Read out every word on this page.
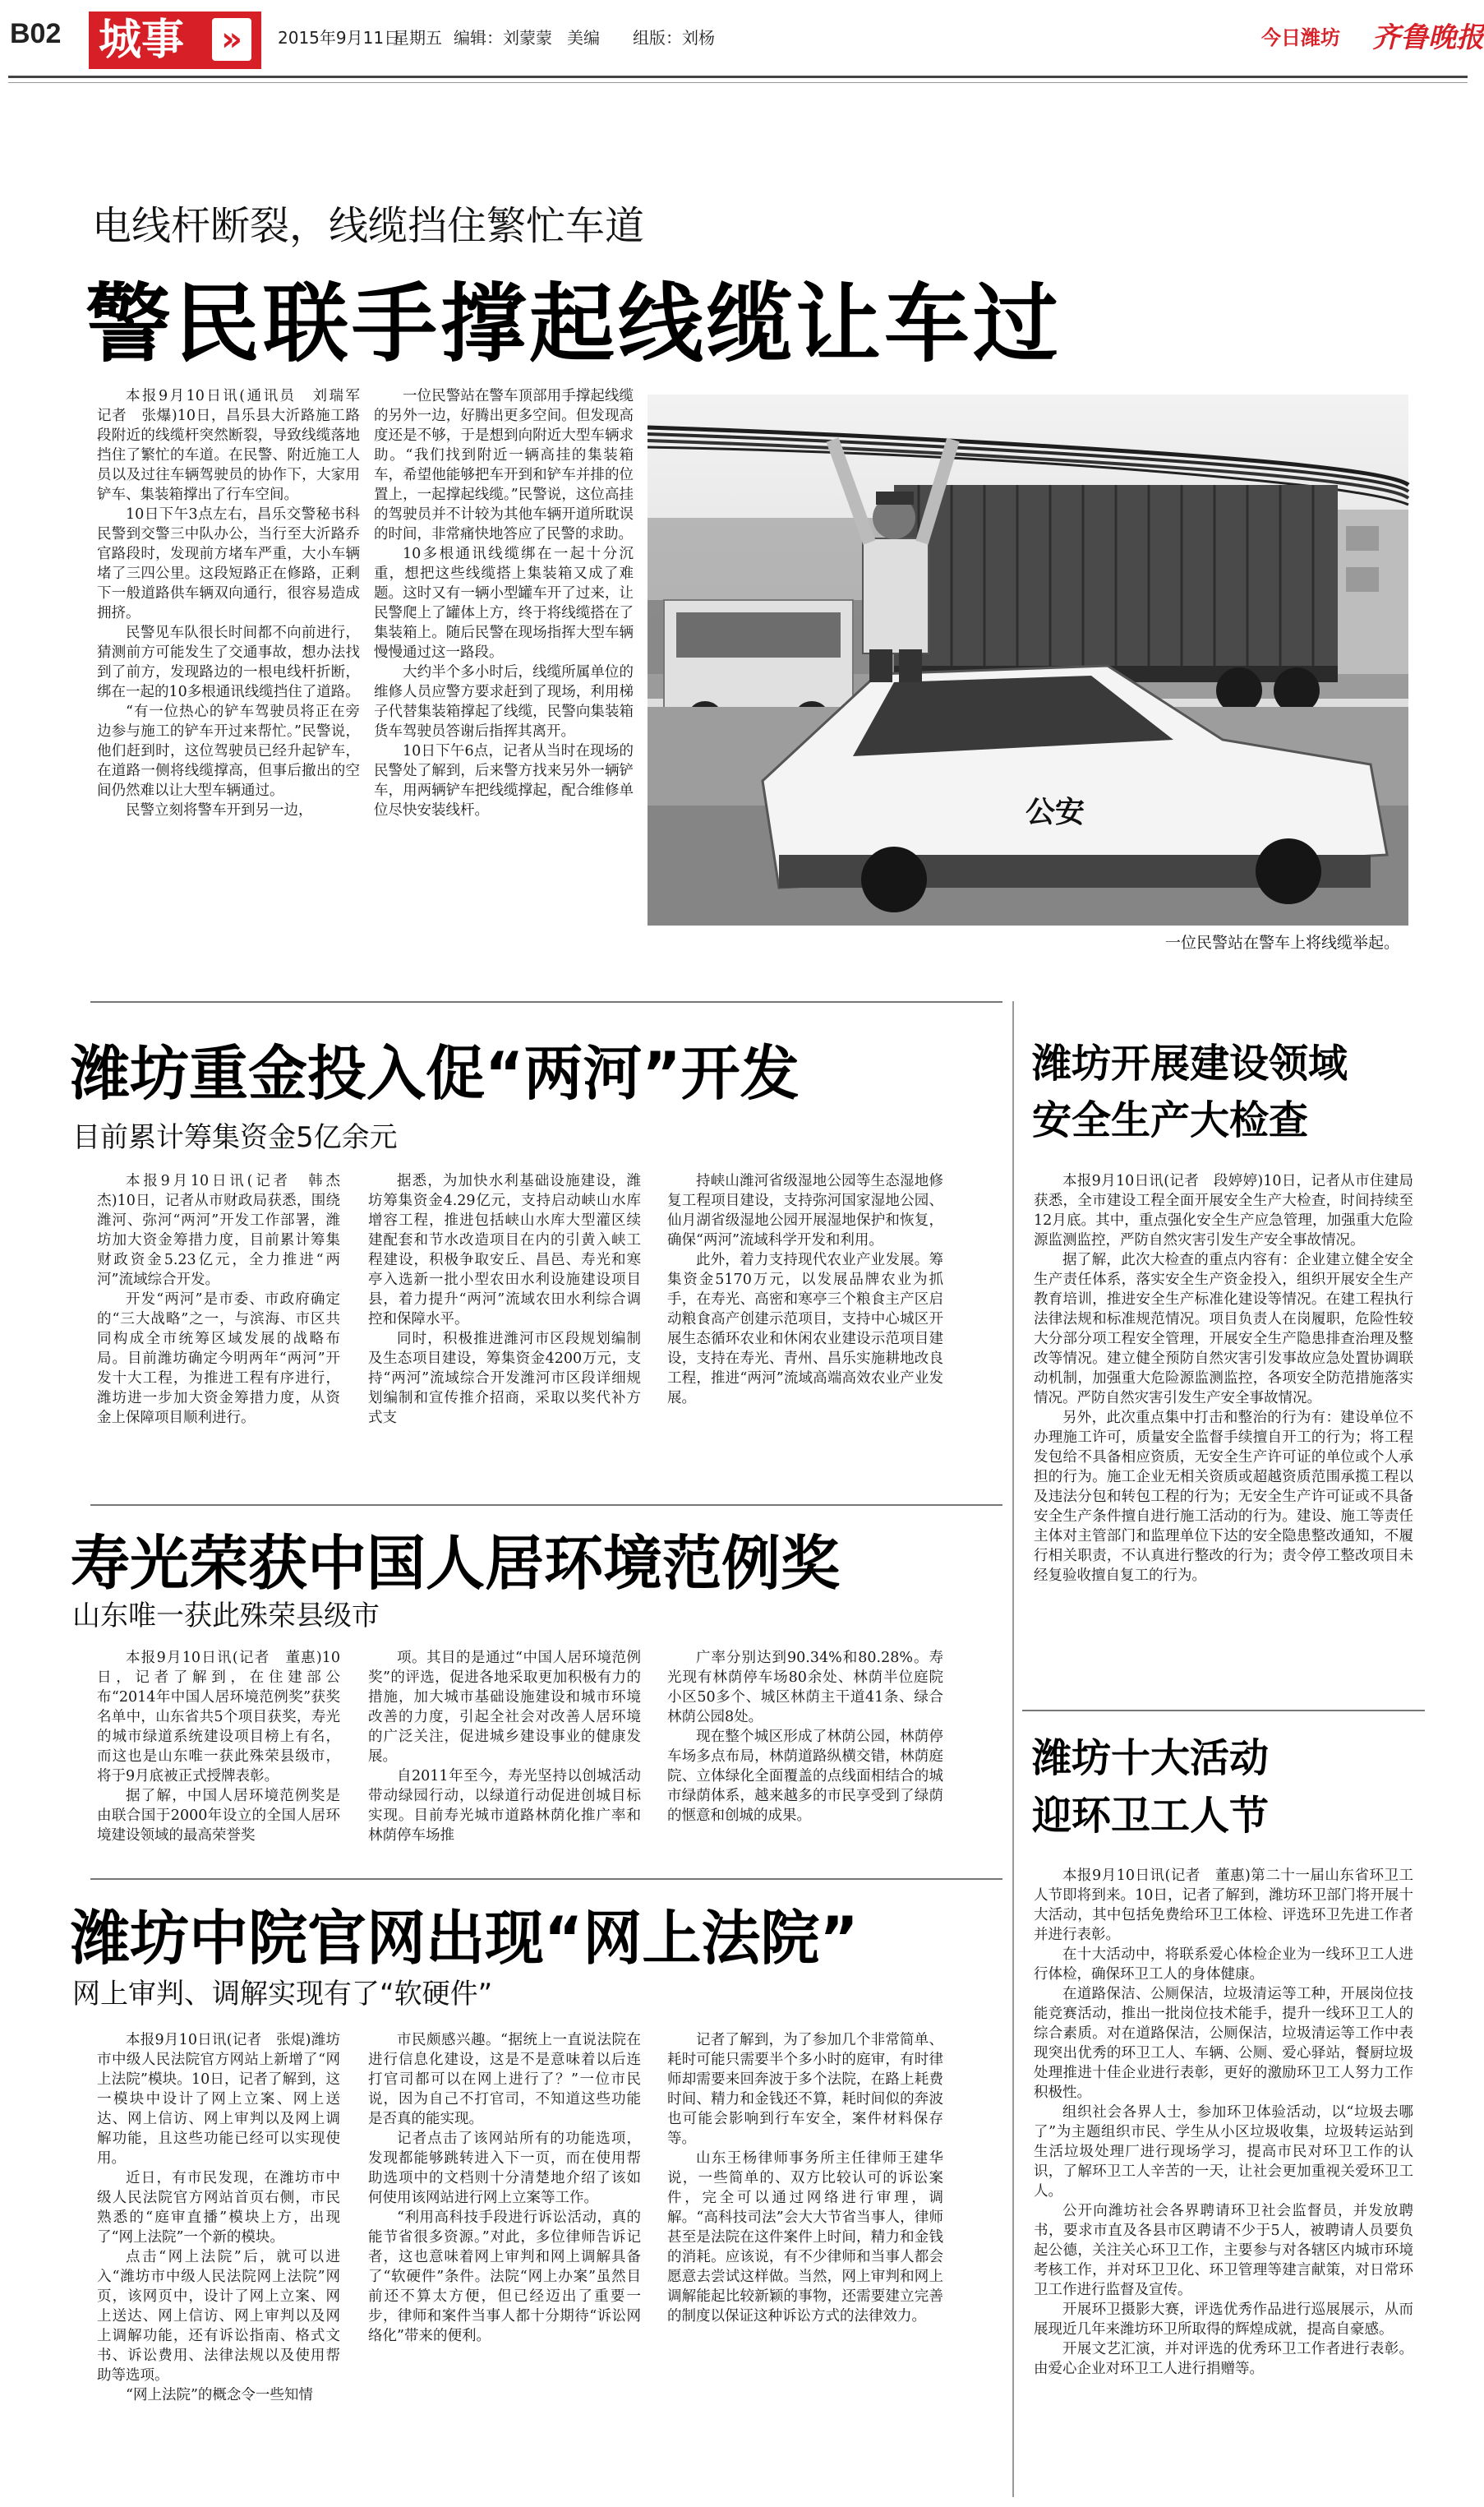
B02 城事	»	2015年9月11日
星期五 编辑：刘蒙蒙 美编 组版：刘杨	今日潍坊 齐鲁晚报
电线杆断裂，线缆挡住繁忙车道
警民联手撑起线缆让车过

本报9月10日讯(通讯员　刘瑞军　记者　张爆)10日，昌乐县大沂路施工路段附近的线缆杆突然断裂，导致线缆落地挡住了繁忙的车道。在民警、附近施工人员以及过往车辆驾驶员的协作下，大家用铲车、集装箱撑出了行车空间。

10日下午3点左右，昌乐交警秘书科民警到交警三中队办公，当行至大沂路乔官路段时，发现前方堵车严重，大小车辆堵了三四公里。这段短路正在修路，正剩下一般道路供车辆双向通行，很容易造成拥挤。

民警见车队很长时间都不向前进行，猜测前方可能发生了交通事故，想办法找到了前方，发现路边的一根电线杆折断，绑在一起的10多根通讯线缆挡住了道路。

“有一位热心的铲车驾驶员将正在旁边参与施工的铲车开过来帮忙。”民警说，他们赶到时，这位驾驶员已经升起铲车，在道路一侧将线缆撑高，但事后撤出的空间仍然难以让大型车辆通过。

民警立刻将警车开到另一边，

一位民警站在警车顶部用手撑起线缆的另外一边，好腾出更多空间。但发现高度还是不够，于是想到向附近大型车辆求助。“我们找到附近一辆高挂的集装箱车，希望他能够把车开到和铲车并排的位置上，一起撑起线缆。”民警说，这位高挂的驾驶员并不计较为其他车辆开道所耽误的时间，非常痛快地答应了民警的求助。

10多根通讯线缆绑在一起十分沉重，想把这些线缆搭上集装箱又成了难题。这时又有一辆小型罐车开了过来，让民警爬上了罐体上方，终于将线缆搭在了集装箱上。随后民警在现场指挥大型车辆慢慢通过这一路段。

大约半个多小时后，线缆所属单位的维修人员应警方要求赶到了现场，利用梯子代替集装箱撑起了线缆，民警向集装箱货车驾驶员答谢后指挥其离开。

10日下午6点，记者从当时在现场的民警处了解到，后来警方找来另外一辆铲车，用两辆铲车把线缆撑起，配合维修单位尽快安装线杆。	公安
一位民警站在警车上将线缆举起。
潍坊重金投入促“两河”开发
目前累计筹集资金5亿余元

本报9月10日讯(记者　韩杰杰)10日，记者从市财政局获悉，围绕潍河、弥河“两河”开发工作部署，潍坊加大资金筹措力度，目前累计筹集财政资金5.23亿元，全力推进“两河”流域综合开发。

开发“两河”是市委、市政府确定的“三大战略”之一，与滨海、市区共同构成全市统筹区域发展的战略布局。目前潍坊确定今明两年“两河”开发十大工程，为推进工程有序进行，潍坊进一步加大资金筹措力度，从资金上保障项目顺利进行。

据悉，为加快水利基础设施建设，潍坊筹集资金4.29亿元，支持启动峡山水库增容工程，推进包括峡山水库大型灌区续建配套和节水改造项目在内的引黄入峡工程建设，积极争取安丘、昌邑、寿光和寒亭入选新一批小型农田水利设施建设项目县，着力提升“两河”流域农田水利综合调控和保障水平。

同时，积极推进潍河市区段规划编制及生态项目建设，筹集资金4200万元，支持“两河”流域综合开发潍河市区段详细规划编制和宣传推介招商，采取以奖代补方式支

持峡山潍河省级湿地公园等生态湿地修复工程项目建设，支持弥河国家湿地公园、仙月湖省级湿地公园开展湿地保护和恢复，确保“两河”流域科学开发和利用。

此外，着力支持现代农业产业发展。筹集资金5170万元，以发展品牌农业为抓手，在寿光、高密和寒亭三个粮食主产区启动粮食高产创建示范项目，支持中心城区开展生态循环农业和休闲农业建设示范项目建设，支持在寿光、青州、昌乐实施耕地改良工程，推进“两河”流域高端高效农业产业发展。

寿光荣获中国人居环境范例奖
山东唯一获此殊荣县级市

本报9月10日讯(记者　董惠)10日，记者了解到，在住建部公布“2014年中国人居环境范例奖”获奖名单中，山东省共5个项目获奖，寿光的城市绿道系统建设项目榜上有名，而这也是山东唯一获此殊荣县级市，将于9月底被正式授牌表彰。

据了解，中国人居环境范例奖是由联合国于2000年设立的全国人居环境建设领域的最高荣誉奖

项。其目的是通过“中国人居环境范例奖”的评选，促进各地采取更加积极有力的措施，加大城市基础设施建设和城市环境改善的力度，引起全社会对改善人居环境的广泛关注，促进城乡建设事业的健康发展。

自2011年至今，寿光坚持以创城活动带动绿园行动，以绿道行动促进创城目标实现。目前寿光城市道路林荫化推广率和林荫停车场推

广率分别达到90.34%和80.28%。寿光现有林荫停车场80余处、林荫半位庭院小区50多个、城区林荫主干道41条、绿合林荫公园8处。

现在整个城区形成了林荫公园，林荫停车场多点布局，林荫道路纵横交错，林荫庭院、立体绿化全面覆盖的点线面相结合的城市绿荫体系，越来越多的市民享受到了绿荫的惬意和创城的成果。

潍坊中院官网出现“网上法院”
网上审判、调解实现有了“软硬件”

本报9月10日讯(记者　张焜)潍坊市中级人民法院官方网站上新增了“网上法院”模块。10日，记者了解到，这一模块中设计了网上立案、网上送达、网上信访、网上审判以及网上调解功能，且这些功能已经可以实现使用。

近日，有市民发现，在潍坊市中级人民法院官方网站首页右侧，市民熟悉的“庭审直播”模块上方，出现了“网上法院”一个新的模块。

点击“网上法院”后，就可以进入“潍坊市中级人民法院网上法院”网页，该网页中，设计了网上立案、网上送达、网上信访、网上审判以及网上调解功能，还有诉讼指南、格式文书、诉讼费用、法律法规以及使用帮助等选项。

“网上法院”的概念令一些知情

市民颇感兴趣。“据统上一直说法院在进行信息化建设，这是不是意味着以后连打官司都可以在网上进行了？”一位市民说，因为自己不打官司，不知道这些功能是否真的能实现。

记者点击了该网站所有的功能选项，发现都能够跳转进入下一页，而在使用帮助选项中的文档则十分清楚地介绍了该如何使用该网站进行网上立案等工作。

“利用高科技手段进行诉讼活动，真的能节省很多资源。”对此，多位律师告诉记者，这也意味着网上审判和网上调解具备了“软硬件”条件。法院“网上办案”虽然目前还不算太方便，但已经迈出了重要一步，律师和案件当事人都十分期待“诉讼网络化”带来的便利。

记者了解到，为了参加几个非常简单、耗时可能只需要半个多小时的庭审，有时律师却需要来回奔波于多个法院，在路上耗费时间、精力和金钱还不算，耗时间似的奔波也可能会影响到行车安全，案件材料保存等。

山东王杨律师事务所主任律师王建华说，一些简单的、双方比较认可的诉讼案件，完全可以通过网络进行审理，调解。“高科技司法”会大大节省当事人，律师甚至是法院在这件案件上时间，精力和金钱的消耗。应该说，有不少律师和当事人都会愿意去尝试这样做。当然，网上审判和网上调解能起比较新颖的事物，还需要建立完善的制度以保证这种诉讼方式的法律效力。

潍坊开展建设领域
安全生产大检查

本报9月10日讯(记者　段婷婷)10日，记者从市住建局获悉，全市建设工程全面开展安全生产大检查，时间持续至12月底。其中，重点强化安全生产应急管理，加强重大危险源监测监控，严防自然灾害引发生产安全事故情况。

据了解，此次大检查的重点内容有：企业建立健全安全生产责任体系，落实安全生产资金投入，组织开展安全生产教育培训，推进安全生产标准化建设等情况。在建工程执行法律法规和标准规范情况。项目负责人在岗履职，危险性较大分部分项工程安全管理，开展安全生产隐患排查治理及整改等情况。建立健全预防自然灾害引发事故应急处置协调联动机制，加强重大危险源监测监控，各项安全防范措施落实情况。严防自然灾害引发生产安全事故情况。

另外，此次重点集中打击和整治的行为有：建设单位不办理施工许可，质量安全监督手续擅自开工的行为；将工程发包给不具备相应资质，无安全生产许可证的单位或个人承担的行为。施工企业无相关资质或超越资质范围承揽工程以及违法分包和转包工程的行为；无安全生产许可证或不具备安全生产条件擅自进行施工活动的行为。建设、施工等责任主体对主管部门和监理单位下达的安全隐患整改通知，不履行相关职责，不认真进行整改的行为；责令停工整改项目未经复验收擅自复工的行为。

潍坊十大活动
迎环卫工人节

本报9月10日讯(记者　董惠)第二十一届山东省环卫工人节即将到来。10日，记者了解到，潍坊环卫部门将开展十大活动，其中包括免费给环卫工体检、评选环卫先进工作者并进行表彰。

在十大活动中，将联系爱心体检企业为一线环卫工人进行体检，确保环卫工人的身体健康。

在道路保洁、公厕保洁，垃圾清运等工种，开展岗位技能竞赛活动，推出一批岗位技术能手，提升一线环卫工人的综合素质。对在道路保洁，公厕保洁，垃圾清运等工作中表现突出优秀的环卫工人、车辆、公厕、爱心驿站，餐厨垃圾处理推进十佳企业进行表彰，更好的激励环卫工人努力工作积极性。

组织社会各界人士，参加环卫体验活动，以“垃圾去哪了”为主题组织市民、学生从小区垃圾收集，垃圾转运站到生活垃圾处理厂进行现场学习，提高市民对环卫工作的认识，了解环卫工人辛苦的一天，让社会更加重视关爱环卫工人。

公开向潍坊社会各界聘请环卫社会监督员，并发放聘书，要求市直及各县市区聘请不少于5人，被聘请人员要负起公德，关注关心环卫工作，主要参与对各辖区内城市环境考核工作，并对环卫卫化、环卫管理等建言献策，对日常环卫工作进行监督及宣传。

开展环卫摄影大赛，评选优秀作品进行巡展展示，从而展现近几年来潍坊环卫所取得的辉煌成就，提高自豪感。

开展文艺汇演，并对评选的优秀环卫工作者进行表彰。由爱心企业对环卫工人进行捐赠等。
